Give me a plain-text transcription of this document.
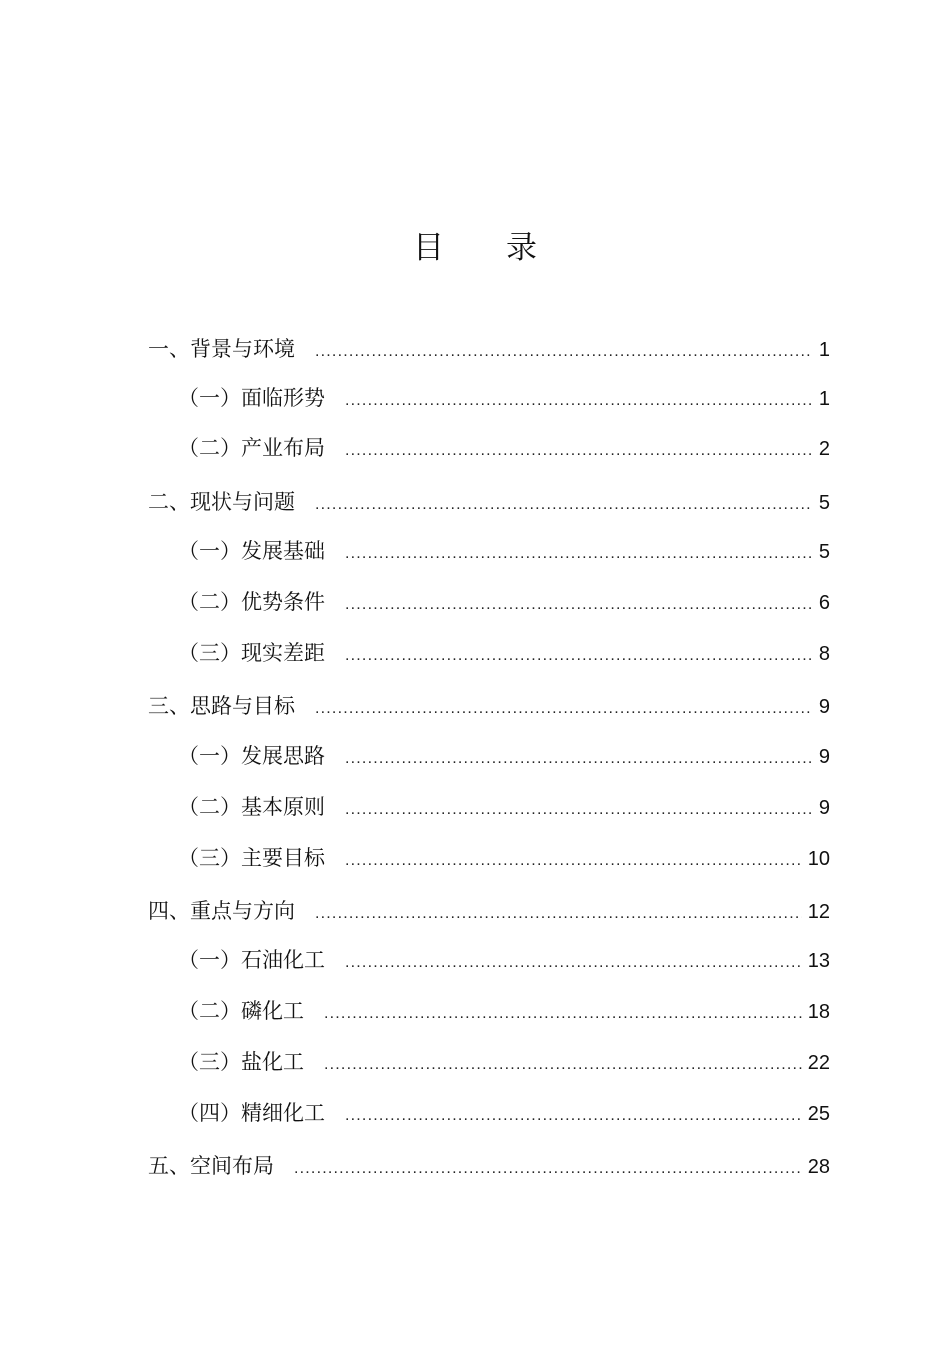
目 录
一、背景与环境 .....	1
（一）面临形势 .....	1
（二）产业布局 .....	2
二、现状与问题 .....	5
（一）发展基础 .....	5
（二）优势条件 .....	6
（三）现实差距 .....	8
三、思路与目标 .....	9
（一）发展思路 .....	9
（二）基本原则 .....	9
（三）主要目标 .....	10
四、重点与方向 .....	12
（一）石油化工 .....	13
（二）磷化工 .....	18
（三）盐化工 .....	22
（四）精细化工 .....	25
五、空间布局 .....	28
